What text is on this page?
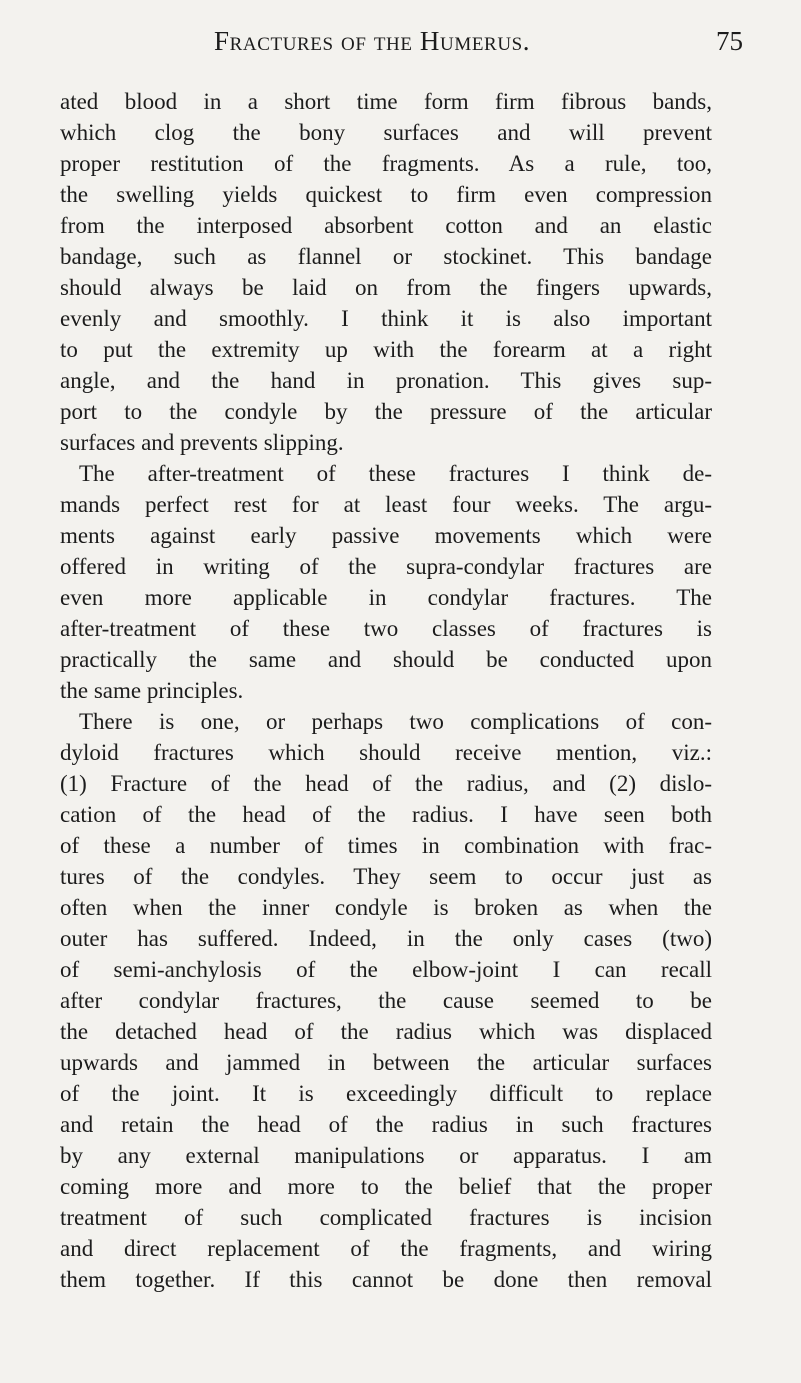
Fractures of the Humerus.	75
ated blood in a short time form firm fibrous bands,
which clog the bony surfaces and will prevent
proper restitution of the fragments. As a rule, too,
the swelling yields quickest to firm even compression
from the interposed absorbent cotton and an elastic
bandage, such as flannel or stockinet. This bandage
should always be laid on from the fingers upwards,
evenly and smoothly. I think it is also important
to put the extremity up with the forearm at a right
angle, and the hand in pronation. This gives sup-
port to the condyle by the pressure of the articular
surfaces and prevents slipping.
The after-treatment of these fractures I think de-
mands perfect rest for at least four weeks. The argu-
ments against early passive movements which were
offered in writing of the supra-condylar fractures are
even more applicable in condylar fractures. The
after-treatment of these two classes of fractures is
practically the same and should be conducted upon
the same principles.
There is one, or perhaps two complications of con-
dyloid fractures which should receive mention, viz.:
(1) Fracture of the head of the radius, and (2) dislo-
cation of the head of the radius. I have seen both
of these a number of times in combination with frac-
tures of the condyles. They seem to occur just as
often when the inner condyle is broken as when the
outer has suffered. Indeed, in the only cases (two)
of semi-anchylosis of the elbow-joint I can recall
after condylar fractures, the cause seemed to be
the detached head of the radius which was displaced
upwards and jammed in between the articular surfaces
of the joint. It is exceedingly difficult to replace
and retain the head of the radius in such fractures
by any external manipulations or apparatus. I am
coming more and more to the belief that the proper
treatment of such complicated fractures is incision
and direct replacement of the fragments, and wiring
them together. If this cannot be done then removal
